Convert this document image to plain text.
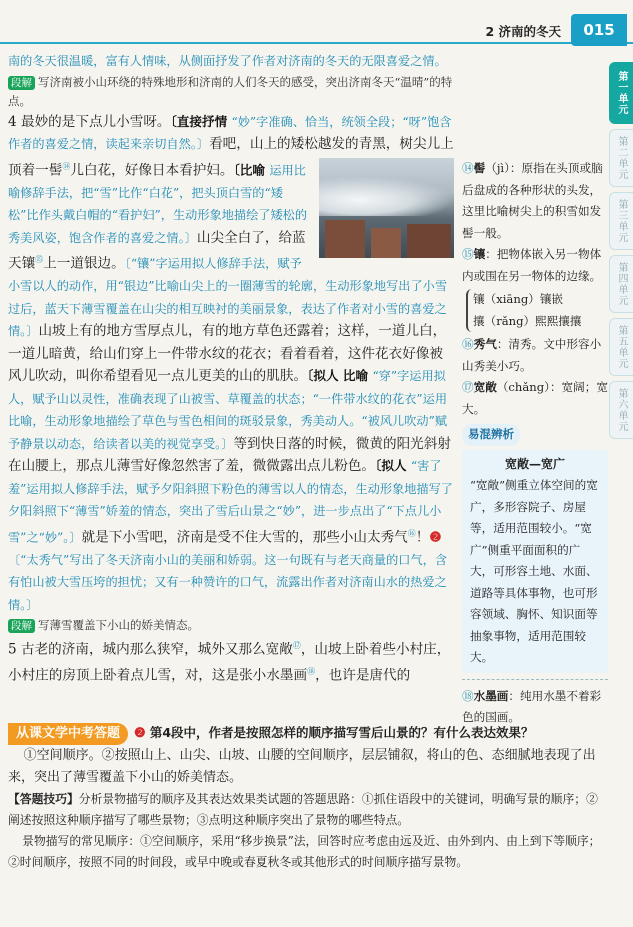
2 济南的冬天	015
第一单元
第二单元
第三单元
第四单元
第五单元
第六单元

南的冬天很温暖，富有人情味，从侧面抒发了作者对济南的冬天的无限喜爱之情。

段解 写济南被小山环绕的特殊地形和济南的人们冬天的感受，突出济南冬天“温晴”的特点。

4 最妙的是下点儿小雪呀。〔直接抒情 “妙”字准确、恰当，统领全段；“呀”饱含作者的喜爱之情，读起来亲切自然。〕看吧，山上的矮松越发的青黑，树尖儿上顶着一髻⑭儿白花，好像日本看护妇。〔比喻 运用比喻修辞手法，把“雪”比作“白花”，把头顶白雪的“矮松”比作头戴白帽的“看护妇”，生动形象地描绘了矮松的秀美风姿，饱含作者的喜爱之情。〕山尖全白了，给蓝天镶⑮上一道银边。〔“镶”字运用拟人修辞手法，赋予小雪以人的动作，用“银边”比喻山尖上的一圈薄雪的轮廓，生动形象地写出了小雪过后，蓝天下薄雪覆盖在山尖的相互映衬的美丽景象，表达了作者对小雪的喜爱之情。〕山坡上有的地方雪厚点儿，有的地方草色还露着；这样，一道儿白，一道儿暗黄，给山们穿上一件带水纹的花衣；看着看着，这件花衣好像被风儿吹动，叫你希望看见一点儿更美的山的肌肤。〔拟人 比喻 “穿”字运用拟人，赋予山以灵性，准确表现了山被雪、草覆盖的状态；“一件带水纹的花衣”运用比喻，生动形象地描绘了草色与雪色相间的斑驳景象，秀美动人。“被风儿吹动”赋予静景以动态，给读者以美的视觉享受。〕等到快日落的时候，微黄的阳光斜射在山腰上，那点儿薄雪好像忽然害了羞，微微露出点儿粉色。〔拟人 “害了羞”运用拟人修辞手法，赋予夕阳斜照下粉色的薄雪以人的情态，生动形象地描写了夕阳斜照下“薄雪”娇羞的情态，突出了雪后山景之“妙”，进一步点出了“下点儿小雪”之“妙”。〕就是下小雪吧，济南是受不住大雪的，那些小山太秀气⑯！❷〔“太秀气”写出了冬天济南小山的美丽和娇弱。这一句既有与老天商量的口气，含有怕山被大雪压垮的担忧；又有一种赞许的口气，流露出作者对济南山水的热爱之情。〕

段解 写薄雪覆盖下小山的娇美情态。

5 古老的济南，城内那么狭窄，城外又那么宽敞⑰，山坡上卧着些小村庄，小村庄的房顶上卧着点儿雪，对，这是张小水墨画⑱，也许是唐代的

⑭髻（jì）：原指在头顶或脑后盘成的各种形状的头发，这里比喻树尖上的积雪如发髻一般。
⑮镶：把物体嵌入另一物体内或围在另一物体的边缘。
镶（xiāng）镶嵌
攘（rǎng）熙熙攘攘
⑯秀气：清秀。文中形容小山秀美小巧。
⑰宽敞（chǎng）：宽阔；宽大。
易混辨析
宽敞—宽广
“宽敞”侧重立体空间的宽广，多形容院子、房屋等，适用范围较小。“宽广”侧重平面面积的广大，可形容土地、水面、道路等具体事物，也可形容领域、胸怀、知识面等抽象事物，适用范围较大。
⑱水墨画：纯用水墨不着彩色的国画。
从课文学中考答题 ❷ 第4段中，作者是按照怎样的顺序描写雪后山景的？有什么表达效果？

①空间顺序。②按照山上、山尖、山坡、山腰的空间顺序，层层铺叙，将山的色、态细腻地表现了出来，突出了薄雪覆盖下小山的娇美情态。

【答题技巧】分析景物描写的顺序及其表达效果类试题的答题思路：①抓住语段中的关键词，明确写景的顺序；②阐述按照这种顺序描写了哪些景物；③点明这种顺序突出了景物的哪些特点。

景物描写的常见顺序：①空间顺序，采用“移步换景”法，回答时应考虑由远及近、由外到内、由上到下等顺序；②时间顺序，按照不同的时间段，或早中晚或春夏秋冬或其他形式的时间顺序描写景物。
